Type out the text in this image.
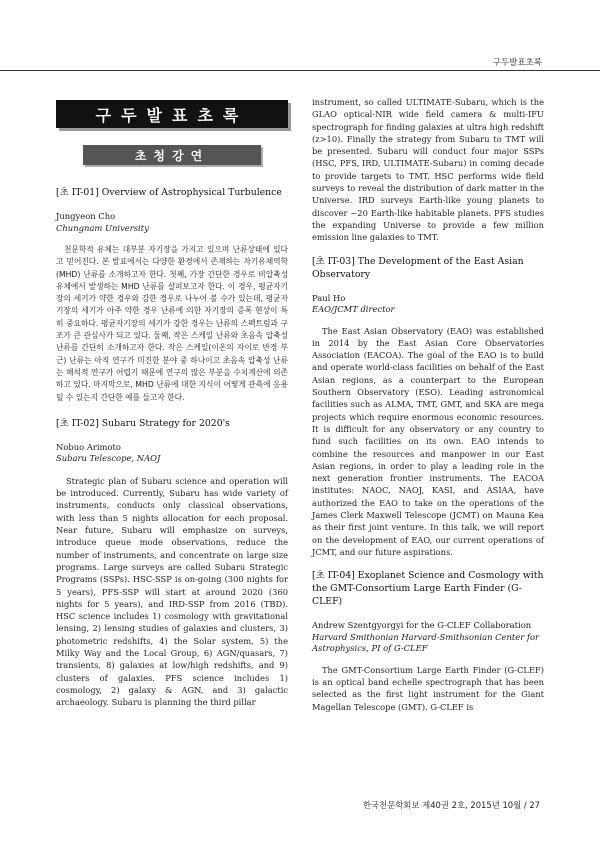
구두발표초록
구두발표초록
초청강연

[초 IT-01] Overview of Astrophysical Turbulence

Jungyeon Cho

Chungnam University

천문학적 유체는 대부분 자기장을 가지고 있으며 난류상태에 있다고 믿어진다. 본 발표에서는 다양한 환경에서 존재하는 자기유체역학(MHD) 난류를 소개하고자 한다. 첫째, 가장 간단한 경우로 비압축성 유체에서 발생하는 MHD 난류를 살펴보고자 한다. 이 경우, 평균자기장의 세기가 약한 경우와 강한 경우로 나누어 볼 수가 있는데, 평균자기장의 세기가 아주 약한 경우 난류에 의한 자기장의 증폭 현상이 특히 중요하다. 평균자기장의 세기가 강한 경우는 난류의 스펙트럼과 구조가 큰 관심사가 되고 있다. 둘째, 작은 스케일 난류와 초음속 압축성 난류를 간단히 소개하고자 한다. 작은 스케일(이온의 자이로 반경 부근) 난류는 아직 연구가 미진한 분야 중 하나이고 초음속 압축성 난류는 해석적 연구가 어렵기 때문에 연구의 많은 부분을 수치계산에 의존하고 있다. 마지막으로, MHD 난류에 대한 지식이 어떻게 관측에 응용될 수 있는지 간단한 예를 들고자 한다.

[초 IT-02] Subaru Strategy for 2020's

Nobuo Arimoto

Subaru Telescope, NAOJ

Strategic plan of Subaru science and operation will be introduced. Currently, Subaru has wide variety of instruments, conducts only classical observations, with less than 5 nights allocation for each proposal. Near future, Subaru will emphasize on surveys, introduce queue mode observations, reduce the number of instruments, and concentrate on large size programs. Large surveys are called Subaru Strategic Programs (SSPs). HSC-SSP is on-going (300 nights for 5 years), PFS-SSP will start at around 2020 (360 nights for 5 years), and IRD-SSP from 2016 (TBD). HSC science includes 1) cosmology with gravitational lensing, 2) lensing studies of galaxies and clusters, 3) photometric redshifts, 4) the Solar system, 5) the Milky Way and the Local Group, 6) AGN/quasars, 7) transients, 8) galaxies at low/high redshifts, and 9) clusters of galaxies. PFS science includes 1) cosmology, 2) galaxy & AGN, and 3) galactic archaeology. Subaru is planning the third pillar

instrument, so called ULTIMATE-Subaru, which is the GLAO optical-NIR wide field camera & multi-IFU spectrograph for finding galaxies at ultra high redshift (z>10). Finally the strategy from Subaru to TMT will be presented. Subaru will conduct four major SSPs (HSC, PFS, IRD, ULTIMATE-Subaru) in coming decade to provide targets to TMT. HSC performs wide field surveys to reveal the distribution of dark matter in the Universe. IRD surveys Earth-like young planets to discover ~20 Earth-like habitable planets. PFS studies the expanding Universe to provide a few million emission line galaxies to TMT.

[초 IT-03] The Development of the East Asian Observatory

Paul Ho

EAO/JCMT director

The East Asian Observatory (EAO) was established in 2014 by the East Asian Core Observatories Association (EACOA). The goal of the EAO is to build and operate world-class facilities on behalf of the East Asian regions, as a counterpart to the European Southern Observatory (ESO). Leading astronomical facilities such as ALMA, TMT, GMT, and SKA are mega projects which require enormous economic resources. It is difficult for any observatory or any country to fund such facilities on its own. EAO intends to combine the resources and manpower in our East Asian regions, in order to play a leading role in the next generation frontier instruments. The EACOA institutes: NAOC, NAOJ, KASI, and ASIAA, have authorized the EAO to take on the operations of the James Clerk Maxwell Telescope (JCMT) on Mauna Kea as their first joint venture. In this talk, we will report on the development of EAO, our current operations of JCMT, and our future aspirations.

[초 IT-04] Exoplanet Science and Cosmology with the GMT-Consortium Large Earth Finder (G-CLEF)

Andrew Szentgyorgyi for the G-CLEF Collaboration

Harvard Smithonian Harvard-Smithsonian Center for Astrophysics, PI of G-CLEF

The GMT-Consortium Large Earth Finder (G-CLEF) is an optical band echelle spectrograph that has been selected as the first light instrument for the Giant Magellan Telescope (GMT). G-CLEF is

한국천문학회보 제40권 2호, 2015년 10월 / 27
